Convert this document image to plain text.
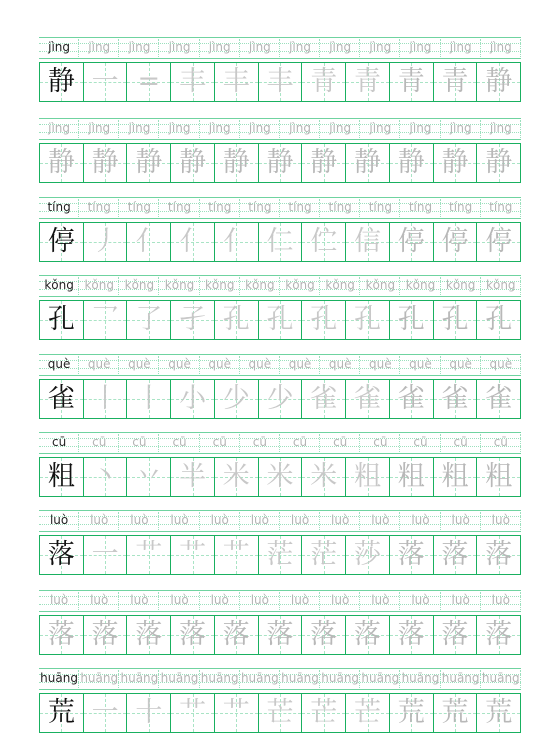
jìng	jìng	jìng	jìng	jìng	jìng	jìng	jìng	jìng	jìng	jìng	jìng
静 一 = 丰 丰 丰 青 青 青 青 静
jìng	jìng	jìng	jìng	jìng	jìng	jìng	jìng	jìng	jìng	jìng	jìng
静 静 静 静 静 静 静 静 静 静 静
tíng	tíng	tíng	tíng	tíng	tíng	tíng	tíng	tíng	tíng	tíng	tíng
停 丿 亻 亻 亻 仁 伫 信 停 停 停
kǒng kǒng kǒng kǒng kǒng kǒng kǒng kǒng kǒng kǒng kǒng kǒng
孔 乛 了 孑 孔 孔 孔 孔 孔 孔 孔
què	què	què	què	què	què	què	què	què	què	què	què
雀 丨 丨 小 少 少 雀 雀 雀 雀 雀
cū	cū	cū	cū	cū	cū	cū	cū	cū	cū	cū	cū
粗 丶 丷 半 米 米 米 粗 粗 粗 粗
luò	luò	luò	luò	luò	luò	luò	luò	luò	luò	luò	luò
落 一 艹 艹 艹 茫 茫 莎 落 落 落
luò	luò	luò	luò	luò	luò	luò	luò	luò	luò	luò	luò
落 落 落 落 落 落 落 落 落 落 落
huāng huāng huāng huāng huāng huāng huāng huāng huāng huāng huāng huāng
荒 一 十 艹 艹 芒 芒 芒 荒 荒 荒
